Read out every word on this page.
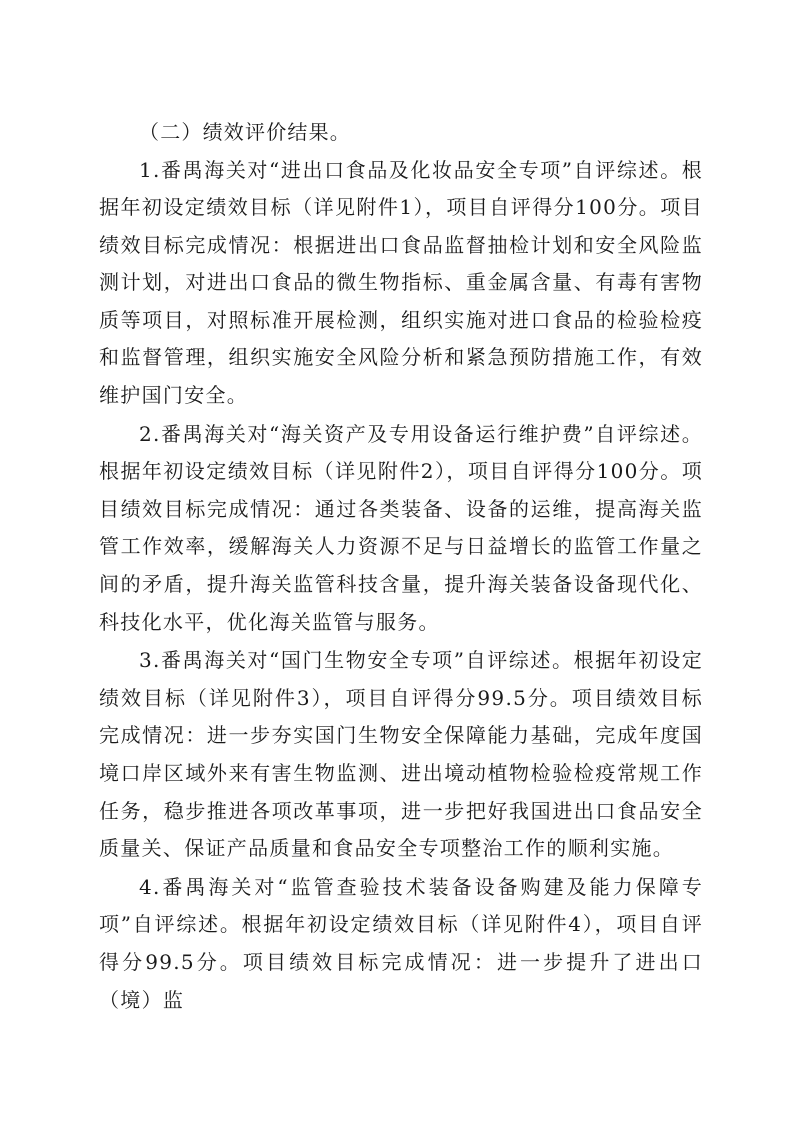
（二）绩效评价结果。

1.番禺海关对“进出口食品及化妆品安全专项”自评综述。根据年初设定绩效目标（详见附件1），项目自评得分100分。项目绩效目标完成情况：根据进出口食品监督抽检计划和安全风险监测计划，对进出口食品的微生物指标、重金属含量、有毒有害物质等项目，对照标准开展检测，组织实施对进口食品的检验检疫和监督管理，组织实施安全风险分析和紧急预防措施工作，有效维护国门安全。

2.番禺海关对“海关资产及专用设备运行维护费”自评综述。根据年初设定绩效目标（详见附件2），项目自评得分100分。项目绩效目标完成情况：通过各类装备、设备的运维，提高海关监管工作效率，缓解海关人力资源不足与日益增长的监管工作量之间的矛盾，提升海关监管科技含量，提升海关装备设备现代化、科技化水平，优化海关监管与服务。

3.番禺海关对“国门生物安全专项”自评综述。根据年初设定绩效目标（详见附件3），项目自评得分99.5分。项目绩效目标完成情况：进一步夯实国门生物安全保障能力基础，完成年度国境口岸区域外来有害生物监测、进出境动植物检验检疫常规工作任务，稳步推进各项改革事项，进一步把好我国进出口食品安全质量关、保证产品质量和食品安全专项整治工作的顺利实施。

4.番禺海关对“监管查验技术装备设备购建及能力保障专项”自评综述。根据年初设定绩效目标（详见附件4），项目自评得分99.5分。项目绩效目标完成情况：进一步提升了进出口（境）监
